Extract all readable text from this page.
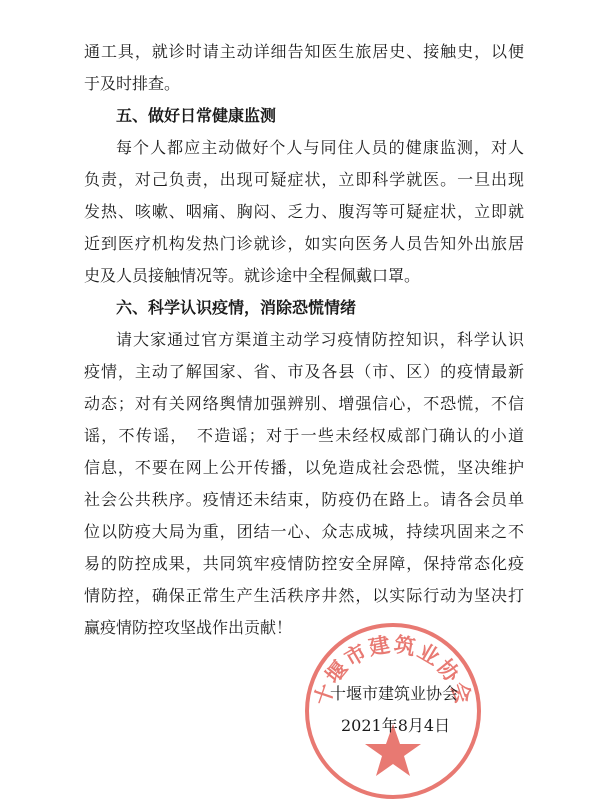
通工具，就诊时请主动详细告知医生旅居史、接触史，以便
于及时排查。
五、做好日常健康监测
每个人都应主动做好个人与同住人员的健康监测，对人
负责，对己负责，出现可疑症状，立即科学就医。一旦出现
发热、咳嗽、咽痛、胸闷、乏力、腹泻等可疑症状，立即就
近到医疗机构发热门诊就诊，如实向医务人员告知外出旅居
史及人员接触情况等。就诊途中全程佩戴口罩。
六、科学认识疫情，消除恐慌情绪
请大家通过官方渠道主动学习疫情防控知识，科学认识
疫情，主动了解国家、省、市及各县（市、区）的疫情最新
动态；对有关网络舆情加强辨别、增强信心，不恐慌，不信
谣，不传谣，　不造谣；对于一些未经权威部门确认的小道
信息，不要在网上公开传播，以免造成社会恐慌，坚决维护
社会公共秩序。疫情还未结束，防疫仍在路上。请各会员单
位以防疫大局为重，团结一心、众志成城，持续巩固来之不
易的防控成果，共同筑牢疫情防控安全屏障，保持常态化疫
情防控，确保正常生产生活秩序井然，以实际行动为坚决打
赢疫情防控攻坚战作出贡献！
十堰市建筑业协会
十堰市建筑业协会
2021年8月4日
